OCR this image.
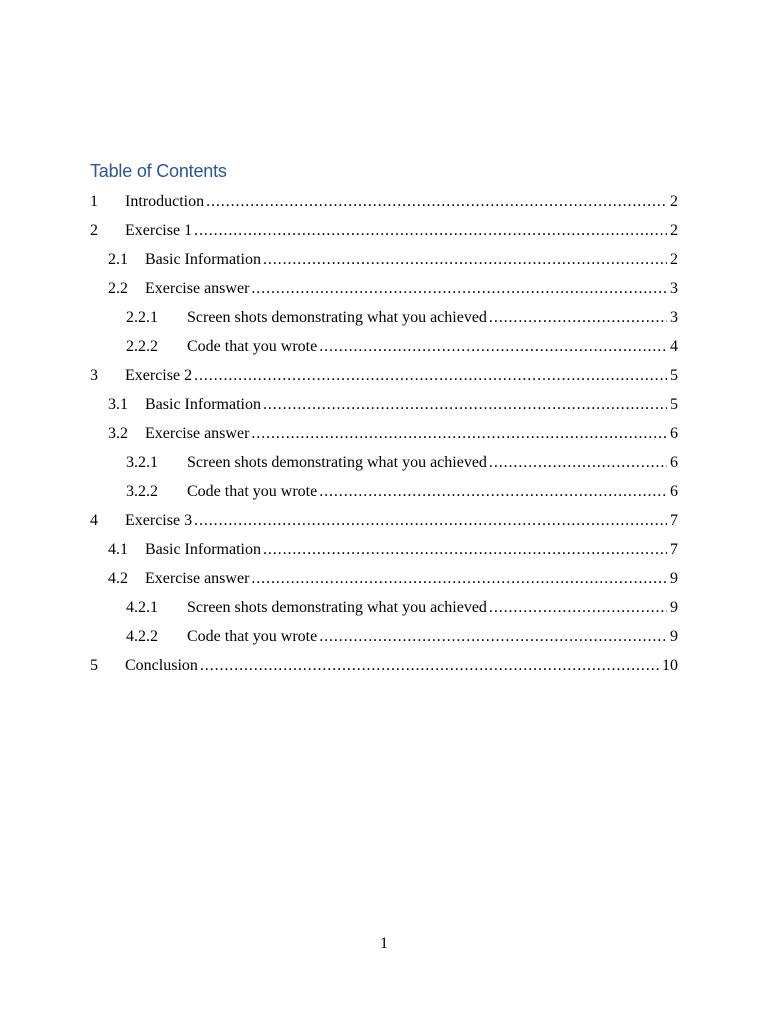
Table of Contents
1	Introduction .....	2
2	Exercise 1 .....	2
2.1	Basic Information .....	2
2.2	Exercise answer .....	3
2.2.1	Screen shots demonstrating what you achieved .....	3
2.2.2	Code that you wrote .....	4
3	Exercise 2 .....	5
3.1	Basic Information .....	5
3.2	Exercise answer .....	6
3.2.1	Screen shots demonstrating what you achieved .....	6
3.2.2	Code that you wrote .....	6
4	Exercise 3 .....	7
4.1	Basic Information .....	7
4.2	Exercise answer .....	9
4.2.1	Screen shots demonstrating what you achieved .....	9
4.2.2	Code that you wrote .....	9
5	Conclusion .....	10
1
